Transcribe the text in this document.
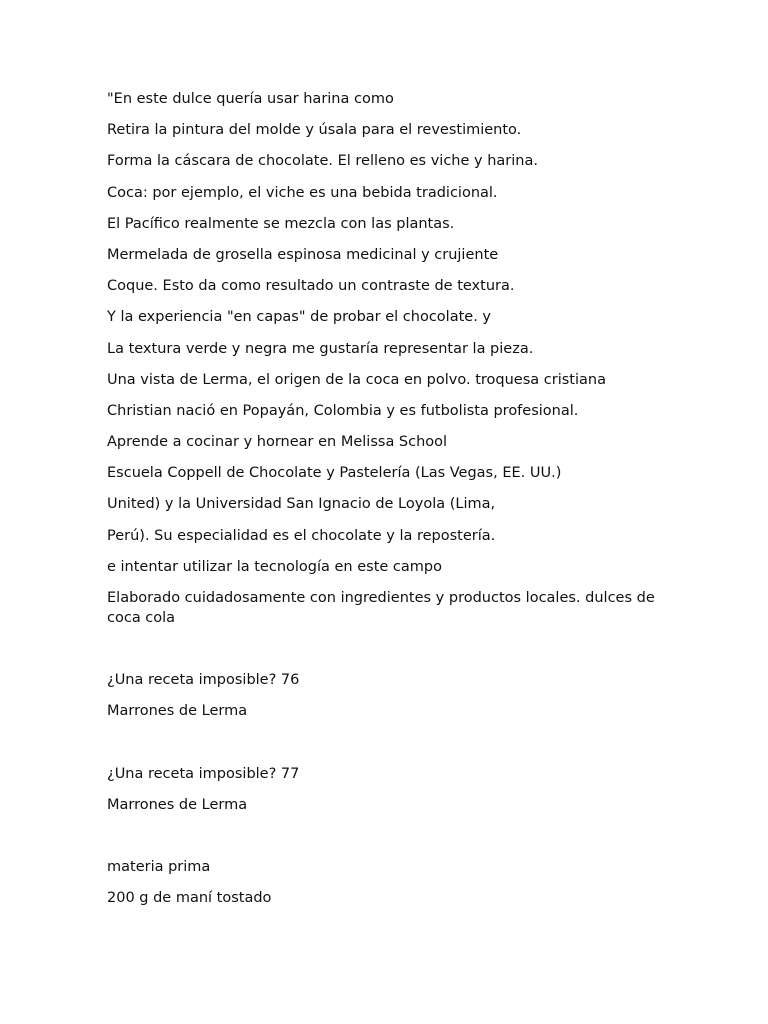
"En este dulce quería usar harina como

Retira la pintura del molde y úsala para el revestimiento.

Forma la cáscara de chocolate. El relleno es viche y harina.

Coca: por ejemplo, el viche es una bebida tradicional.

El Pacífico realmente se mezcla con las plantas.

Mermelada de grosella espinosa medicinal y crujiente

Coque. Esto da como resultado un contraste de textura.

Y la experiencia "en capas" de probar el chocolate. y

La textura verde y negra me gustaría representar la pieza.

Una vista de Lerma, el origen de la coca en polvo. troquesa cristiana

Christian nació en Popayán, Colombia y es futbolista profesional.

Aprende a cocinar y hornear en Melissa School

Escuela Coppell de Chocolate y Pastelería (Las Vegas, EE. UU.)

United) y la Universidad San Ignacio de Loyola (Lima,

Perú). Su especialidad es el chocolate y la repostería.

e intentar utilizar la tecnología en este campo

Elaborado cuidadosamente con ingredientes y productos locales. dulces de coca cola

¿Una receta imposible? 76

Marrones de Lerma

¿Una receta imposible? 77

Marrones de Lerma

materia prima

200 g de maní tostado
